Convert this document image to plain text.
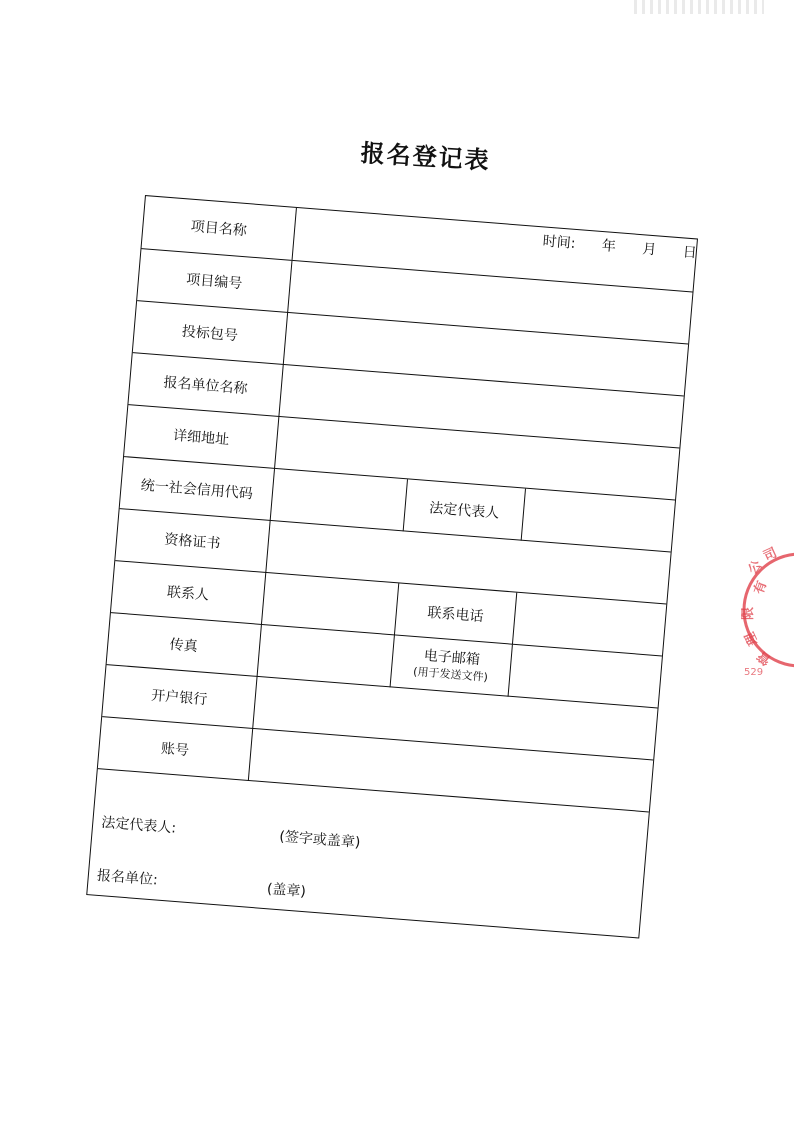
报名登记表
时间: 年 月 日
项目名称
项目编号
投标包号
报名单位名称
详细地址
统一社会信用代码
法定代表人
资格证书
联系人
联系电话
传真
电子邮箱
(用于发送文件)
开户银行
账号
法定代表人:
(签字或盖章)
报名单位:
(盖章)
公
司
有
限
理
管
529
